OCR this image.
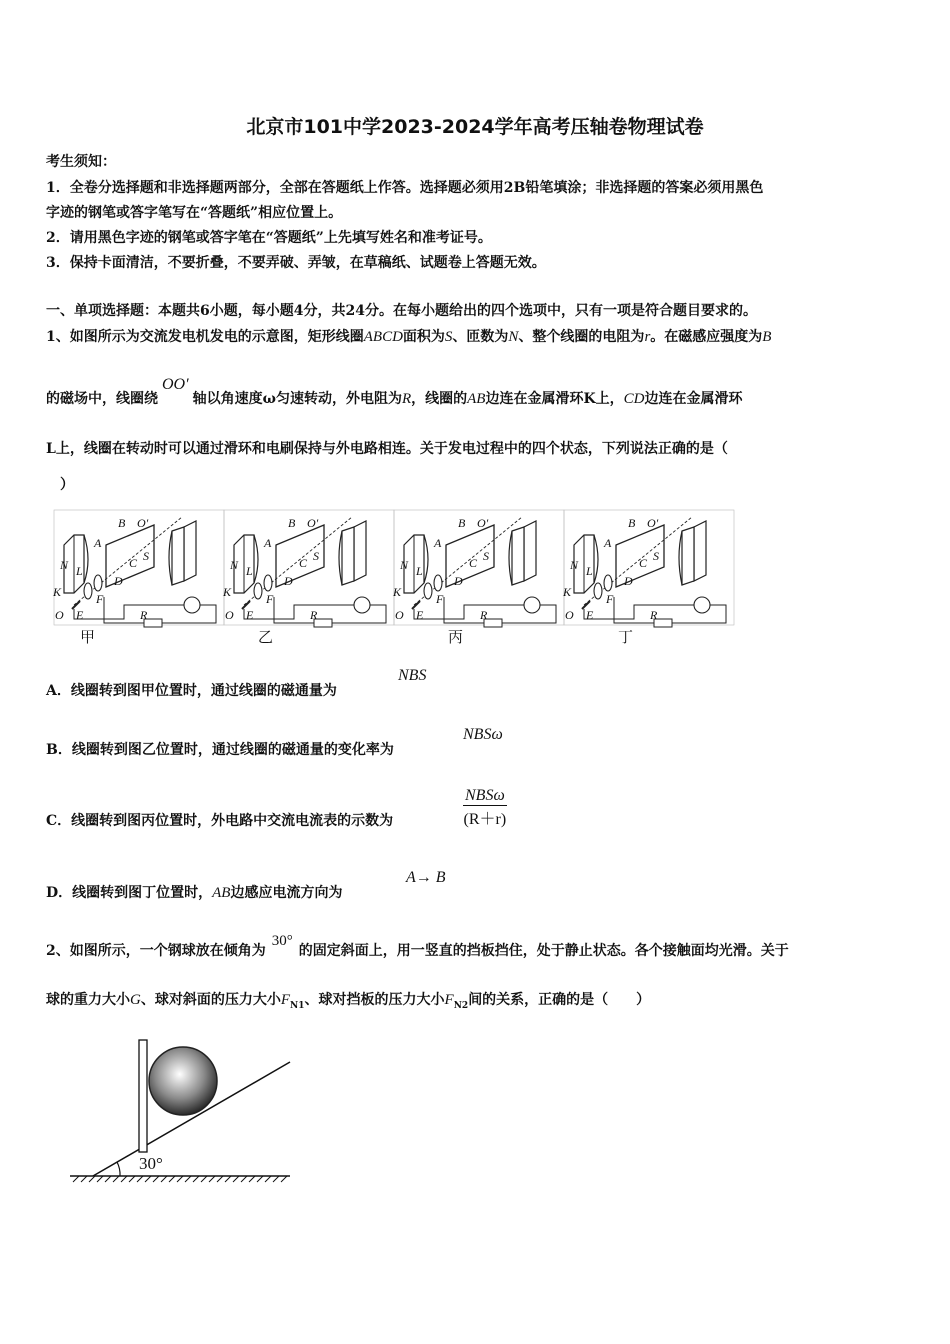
北京市101中学2023-2024学年高考压轴卷物理试卷
考生须知：
1．全卷分选择题和非选择题两部分，全部在答题纸上作答。选择题必须用2B铅笔填涂；非选择题的答案必须用黑色
字迹的钢笔或答字笔写在“答题纸”相应位置上。
2．请用黑色字迹的钢笔或答字笔在“答题纸”上先填写姓名和准考证号。
3．保持卡面清洁，不要折叠，不要弄破、弄皱，在草稿纸、试题卷上答题无效。
一、单项选择题：本题共6小题，每小题4分，共24分。在每小题给出的四个选项中，只有一项是符合题目要求的。
1、如图所示为交流发电机发电的示意图，矩形线圈ABCD面积为S、匝数为N、整个线圈的电阻为r。在磁感应强度为B
的磁场中，线圈绕OO′轴以角速度ω匀速转动，外电阻为R，线圈的AB边连在金属滑环K上，CD边连在金属滑环
L上，线圈在转动时可以通过滑环和电刷保持与外电路相连。关于发电过程中的四个状态，下列说法正确的是（
）
N
S
A
B
C
D
O′
K
L
O E
F
R
N
S
A
B
C
D
O′
K
L
O E
F
R
N
S
A
B
C
D
O′
K
L
O E
F
R
N
S
A
B
C
D
O′
K
L
O E
F
R
甲	乙	丙	丁
A．线圈转到图甲位置时，通过线圈的磁通量为
NBS
B．线圈转到图乙位置时，通过线圈的磁通量的变化率为
NBSω
C．线圈转到图丙位置时，外电路中交流电流表的示数为
NBSω
(R＋r)
D．线圈转到图丁位置时，AB边感应电流方向为
A→ B
2、如图所示，一个钢球放在倾角为30°的固定斜面上，用一竖直的挡板挡住，处于静止状态。各个接触面均光滑。关于
球的重力大小G、球对斜面的压力大小$F_{N1}$、球对挡板的压力大小$F_{N2}$间的关系，正确的是（　　）
30°
